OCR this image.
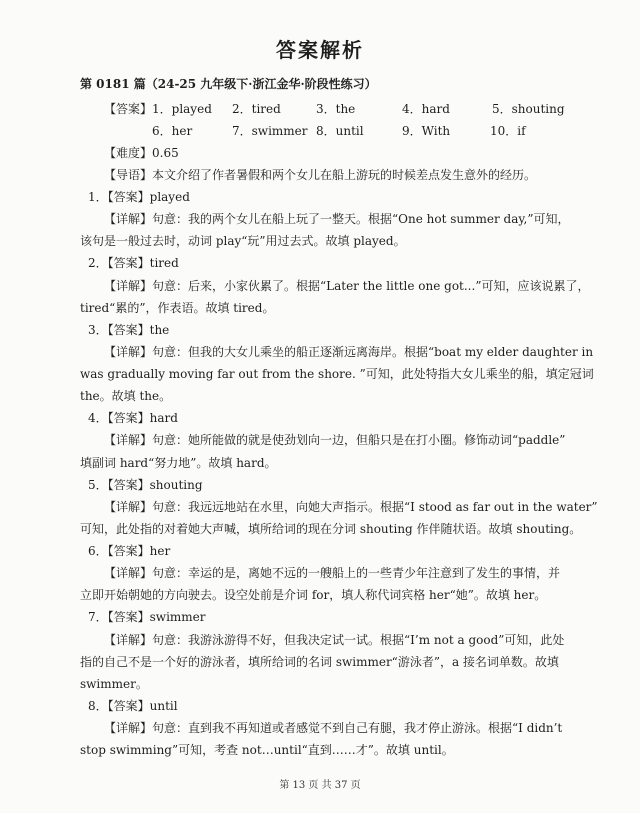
答案解析
第 0181 篇（24-25 九年级下·浙江金华·阶段性练习）
【答案】 1．played 2．tired	3．the	4．hard	5．shouting
6．her	7．swimmer 8．until	9．With	10．if
【难度】0.65
【导语】本文介绍了作者暑假和两个女儿在船上游玩的时候差点发生意外的经历。
1．【答案】played
【详解】句意：我的两个女儿在船上玩了一整天。根据“One hot summer day,”可知，
该句是一般过去时，动词 play“玩”用过去式。故填 played。
2．【答案】tired
【详解】句意：后来，小家伙累了。根据“Later the little one got...”可知，应该说累了，
tired“累的”，作表语。故填 tired。
3．【答案】the
【详解】句意：但我的大女儿乘坐的船正逐渐远离海岸。根据“boat my elder daughter in
was gradually moving far out from the shore. ”可知，此处特指大女儿乘坐的船，填定冠词
the。故填 the。
4．【答案】hard
【详解】句意：她所能做的就是使劲划向一边，但船只是在打小圈。修饰动词“paddle”
填副词 hard“努力地”。故填 hard。
5．【答案】shouting
【详解】句意：我远远地站在水里，向她大声指示。根据“I stood as far out in the water”
可知，此处指的对着她大声喊，填所给词的现在分词 shouting 作伴随状语。故填 shouting。
6．【答案】her
【详解】句意：幸运的是，离她不远的一艘船上的一些青少年注意到了发生的事情，并
立即开始朝她的方向驶去。设空处前是介词 for，填人称代词宾格 her“她”。故填 her。
7．【答案】swimmer
【详解】句意：我游泳游得不好，但我决定试一试。根据“I’m not a good”可知，此处
指的自己不是一个好的游泳者，填所给词的名词 swimmer“游泳者”，a 接名词单数。故填
swimmer。
8．【答案】until
【详解】句意：直到我不再知道或者感觉不到自己有腿，我才停止游泳。根据“I didn’t
stop swimming”可知，考查 not…until“直到……才”。故填 until。
第 13 页 共 37 页
